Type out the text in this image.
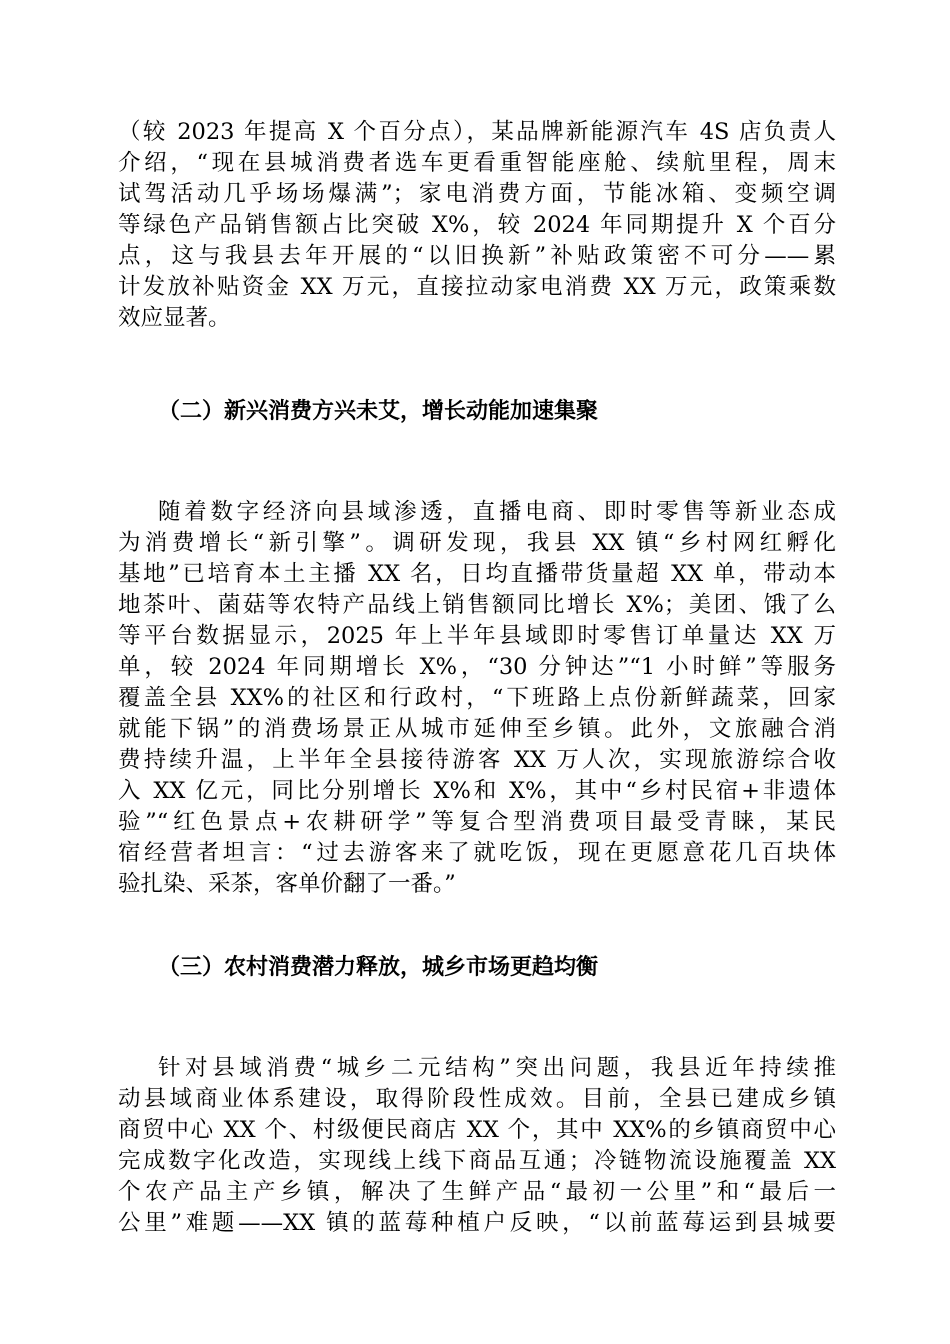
（较 2023 年提高 X 个百分点），某品牌新能源汽车 4S 店负责人
介绍，“现在县城消费者选车更看重智能座舱、续航里程，周末
试驾活动几乎场场爆满”；家电消费方面，节能冰箱、变频空调
等绿色产品销售额占比突破 X%，较 2024 年同期提升 X 个百分
点，这与我县去年开展的“以旧换新”补贴政策密不可分——累
计发放补贴资金 XX 万元，直接拉动家电消费 XX 万元，政策乘数
效应显著。
（二）新兴消费方兴未艾，增长动能加速集聚
随着数字经济向县域渗透，直播电商、即时零售等新业态成
为消费增长“新引擎”。调研发现，我县 XX 镇“乡村网红孵化
基地”已培育本土主播 XX 名，日均直播带货量超 XX 单，带动本
地茶叶、菌菇等农特产品线上销售额同比增长 X%；美团、饿了么
等平台数据显示，2025 年上半年县域即时零售订单量达 XX 万
单，较 2024 年同期增长 X%，“30 分钟达”“1 小时鲜”等服务
覆盖全县 XX%的社区和行政村，“下班路上点份新鲜蔬菜，回家
就能下锅”的消费场景正从城市延伸至乡镇。此外，文旅融合消
费持续升温，上半年全县接待游客 XX 万人次，实现旅游综合收
入 XX 亿元，同比分别增长 X%和 X%，其中“乡村民宿+非遗体
验”“红色景点+农耕研学”等复合型消费项目最受青睐，某民
宿经营者坦言：“过去游客来了就吃饭，现在更愿意花几百块体
验扎染、采茶，客单价翻了一番。”
（三）农村消费潜力释放，城乡市场更趋均衡
针对县域消费“城乡二元结构”突出问题，我县近年持续推
动县域商业体系建设，取得阶段性成效。目前，全县已建成乡镇
商贸中心 XX 个、村级便民商店 XX 个，其中 XX%的乡镇商贸中心
完成数字化改造，实现线上线下商品互通；冷链物流设施覆盖 XX
个农产品主产乡镇，解决了生鲜产品“最初一公里”和“最后一
公里”难题——XX 镇的蓝莓种植户反映，“以前蓝莓运到县城要
